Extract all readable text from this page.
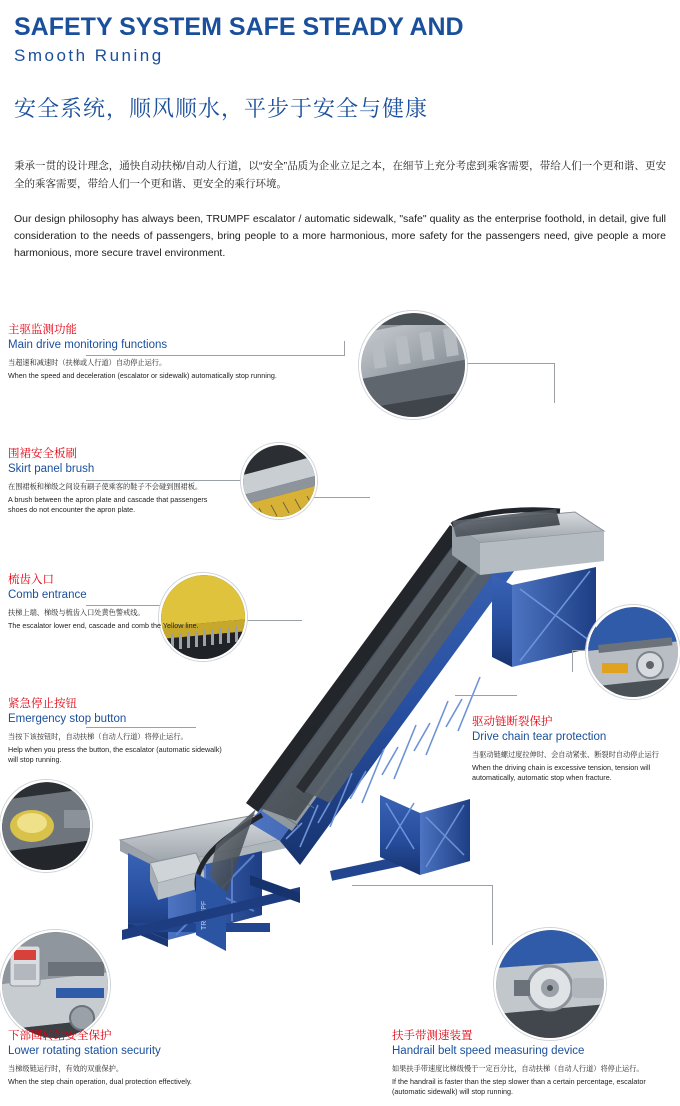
SAFETY SYSTEM SAFE STEADY AND
Smooth Runing
安全系统，顺风顺水，平步于安全与健康
秉承一贯的设计理念，通快自动扶梯/自动人行道，以“安全”品质为企业立足之本，在细节上充分考虑到乘客需要，带给人们一个更和谐、更安全的乘客需要，带给人们一个更和谐、更安全的乘行环境。
Our design philosophy has always been, TRUMPF escalator / automatic sidewalk, "safe" quality as the enterprise foothold, in detail, give full consideration to the needs of passengers, bring people to a more harmonious, more safety for the passengers need, give people a more harmonious, more secure travel environment.
主驱监测功能
Main drive monitoring functions
当超速和减速时（扶梯或人行道）自动停止运行。
When the speed and deceleration (escalator or sidewalk) automatically stop running.
围裙安全板刷
Skirt panel brush
在围裙板和梯级之间设有刷子使乘客的鞋子不会碰到围裙板。
A brush between the apron plate and cascade that passengers shoes do not encounter the apron plate.
梳齿入口
Comb entrance
扶梯上端、梯级与梳齿入口处黄色警戒线。
The escalator lower end, cascade and comb the Yellow line.
紧急停止按钮
Emergency stop button
当按下该按钮时，自动扶梯（自动人行道）将停止运行。
Help when you press the button, the escalator (automatic sidewalk) will stop running.
驱动链断裂保护
Drive chain tear protection
当驱动链螺过度拉伸时、会自动紧张、断裂时自动停止运行
When the driving chain is excessive tension, tension will automatically, automatic stop when fracture.
下部回转站安全保护
Lower rotating station security
当梯级链运行时，有效的双重保护。
When the step chain operation, dual protection effectively.
扶手带测速装置
Handrail belt speed measuring device
如果扶手带速度比梯级慢于一定百分比，自动扶梯（自动人行道）将停止运行。
If the handrail is faster than the step slower than a certain percentage, escalator (automatic sidewalk) will stop running.
